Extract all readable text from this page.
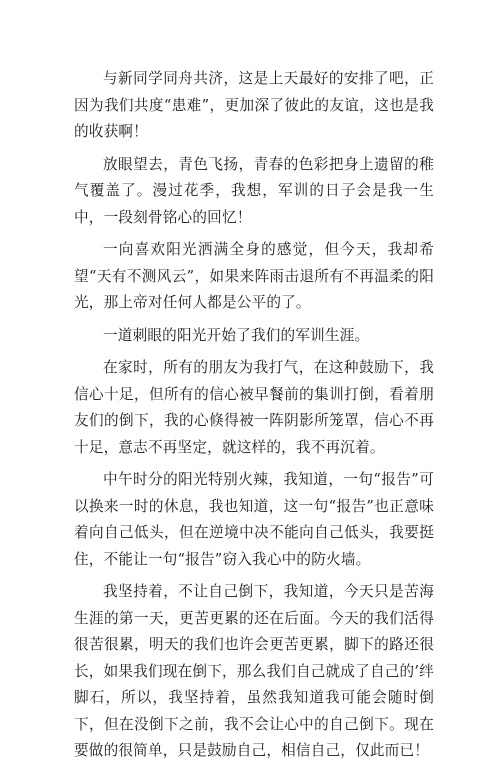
与新同学同舟共济，这是上天最好的安排了吧，正因为我们共度“患难”，更加深了彼此的友谊，这也是我的收获啊！

放眼望去，青色飞扬，青春的色彩把身上遗留的稚气覆盖了。漫过花季，我想，军训的日子会是我一生中，一段刻骨铭心的回忆！

一向喜欢阳光洒满全身的感觉，但今天，我却希望“天有不测风云”，如果来阵雨击退所有不再温柔的阳光，那上帝对任何人都是公平的了。

一道刺眼的阳光开始了我们的军训生涯。

在家时，所有的朋友为我打气，在这种鼓励下，我信心十足，但所有的信心被早餐前的集训打倒，看着朋友们的倒下，我的心倏得被一阵阴影所笼罩，信心不再十足，意志不再坚定，就这样的，我不再沉着。

中午时分的阳光特别火辣，我知道，一句“报告”可以换来一时的休息，我也知道，这一句“报告”也正意味着向自己低头，但在逆境中决不能向自己低头，我要挺住，不能让一句“报告”窃入我心中的防火墙。

我坚持着，不让自己倒下，我知道，今天只是苦海生涯的第一天，更苦更累的还在后面。今天的我们活得很苦很累，明天的我们也许会更苦更累，脚下的路还很长，如果我们现在倒下，那么我们自己就成了自己的’绊脚石，所以，我坚持着，虽然我知道我可能会随时倒下，但在没倒下之前，我不会让心中的自己倒下。现在要做的很简单，只是鼓励自己，相信自己，仅此而已！
